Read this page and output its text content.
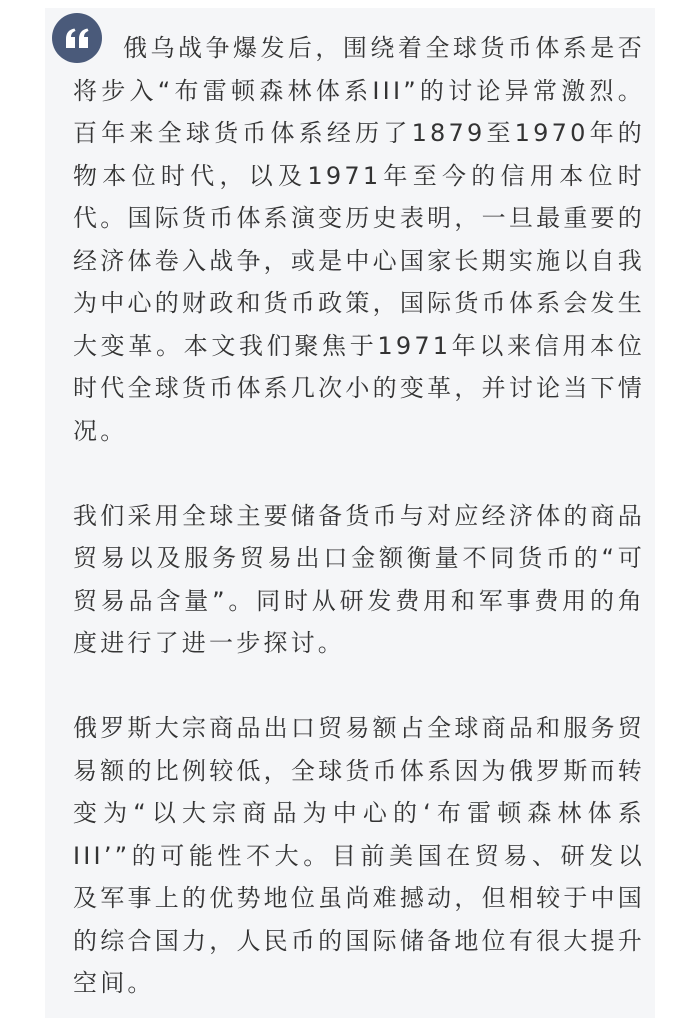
俄乌战争爆发后，围绕着全球货币体系是否将步入“布雷顿森林体系III”的讨论异常激烈。百年来全球货币体系经历了1879至1970年的物本位时代，以及1971年至今的信用本位时代。国际货币体系演变历史表明，一旦最重要的经济体卷入战争，或是中心国家长期实施以自我为中心的财政和货币政策，国际货币体系会发生大变革。本文我们聚焦于1971年以来信用本位时代全球货币体系几次小的变革，并讨论当下情况。

我们采用全球主要储备货币与对应经济体的商品贸易以及服务贸易出口金额衡量不同货币的“可贸易品含量”。同时从研发费用和军事费用的角度进行了进一步探讨。

俄罗斯大宗商品出口贸易额占全球商品和服务贸易额的比例较低，全球货币体系因为俄罗斯而转变为“以大宗商品为中心的‘布雷顿森林体系III’”的可能性不大。目前美国在贸易、研发以及军事上的优势地位虽尚难撼动，但相较于中国的综合国力，人民币的国际储备地位有很大提升空间。
